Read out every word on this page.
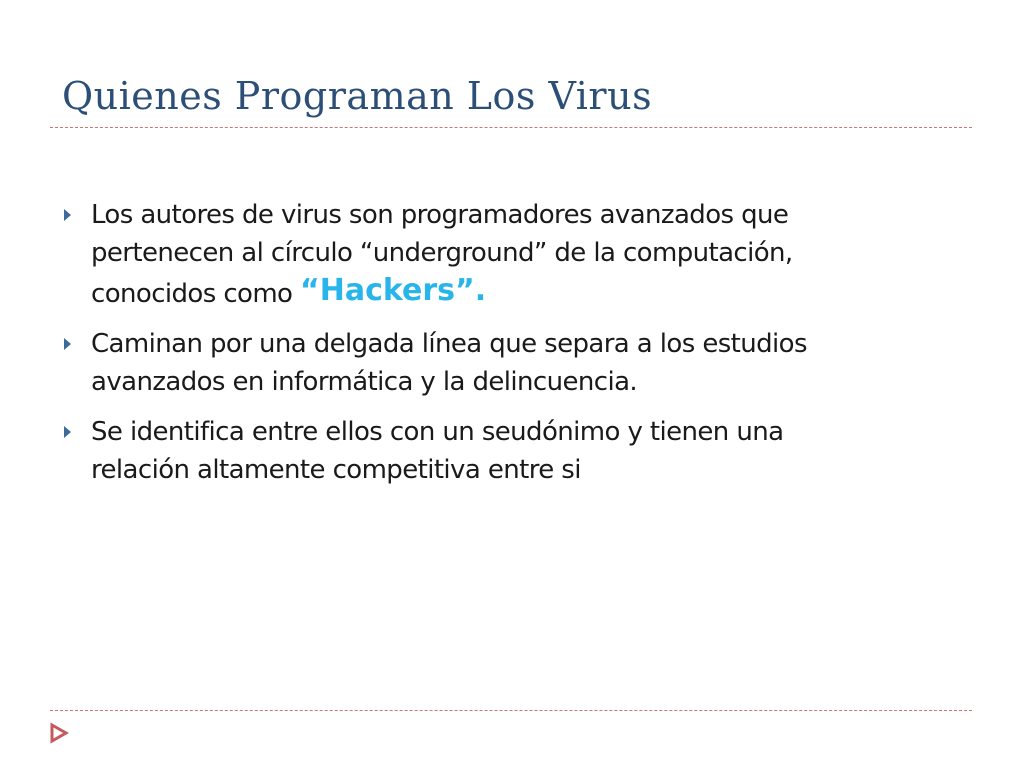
Quienes Programan Los Virus
Los autores de virus son programadores avanzados que
pertenecen al círculo “underground” de la computación,
conocidos como “Hackers”.
Caminan por una delgada línea que separa a los estudios
avanzados en informática y la delincuencia.
Se identifica entre ellos con un seudónimo y tienen una
relación altamente competitiva entre si
